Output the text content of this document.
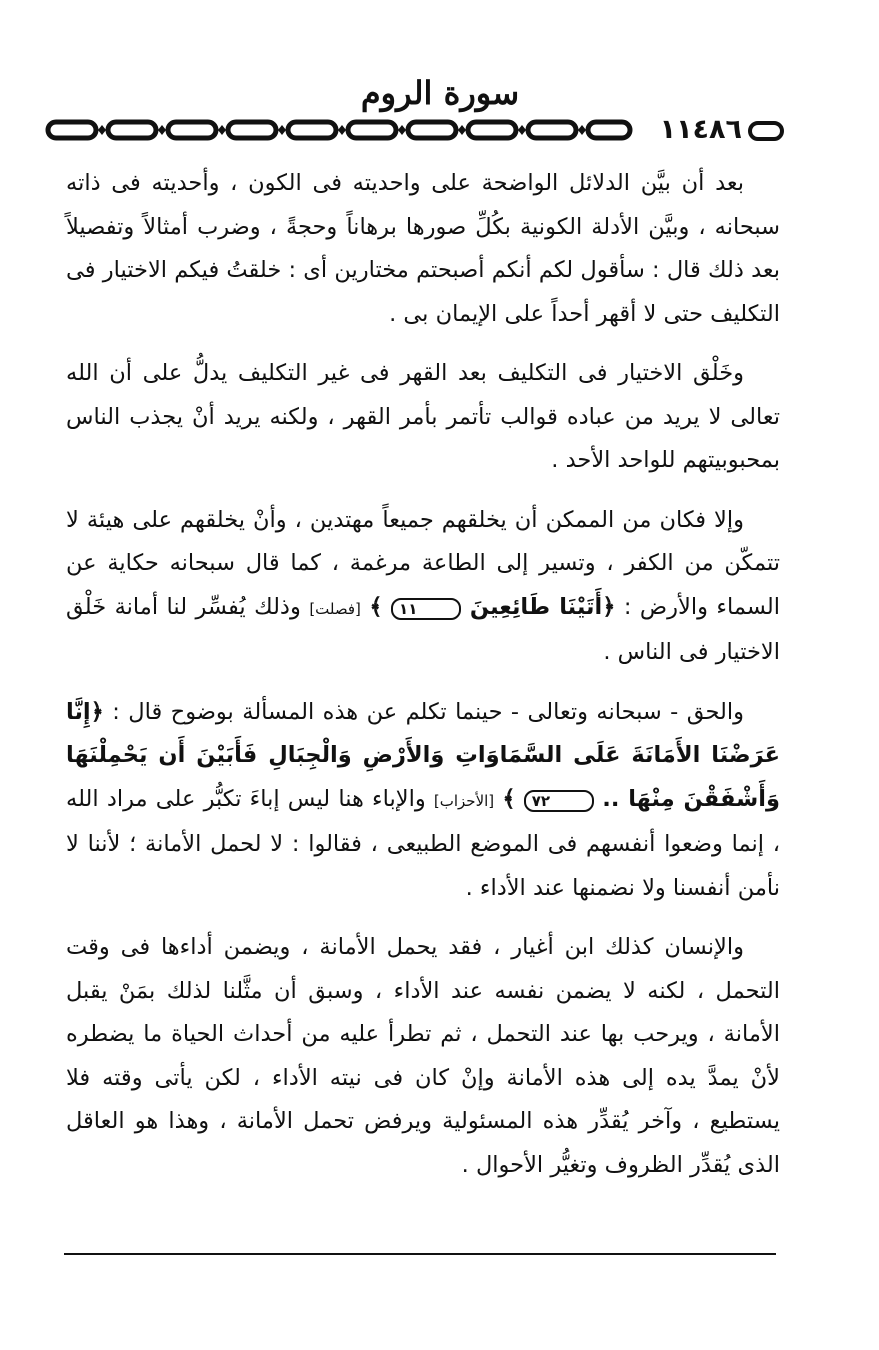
سورة الروم
١١٤٨٦

بعد أن بيَّن الدلائل الواضحة على واحديته فى الكون ، وأحديته فى ذاته سبحانه ، وبيَّن الأدلة الكونية بكُلِّ صورها برهاناً وحجةً ، وضرب أمثالاً وتفصيلاً بعد ذلك قال : سأقول لكم أنكم أصبحتم مختارين أى : خلقتُ فيكم الاختيار فى التكليف حتى لا أقهر أحداً على الإيمان بى .

وخَلْق الاختيار فى التكليف بعد القهر فى غير التكليف يدلُّ على أن الله تعالى لا يريد من عباده قوالب تأتمر بأمر القهر ، ولكنه يريد أنْ يجذب الناس بمحبوبيتهم للواحد الأحد .

وإلا فكان من الممكن أن يخلقهم جميعاً مهتدين ، وأنْ يخلقهم على هيئة لا تتمكّن من الكفر ، وتسير إلى الطاعة مرغمة ، كما قال سبحانه حكاية عن السماء والأرض : ﴿أَتَيْنَا طَائِعِينَ ١١ ﴾ [فصلت] وذلك يُفسِّر لنا أمانة خَلْق الاختيار فى الناس .

والحق - سبحانه وتعالى - حينما تكلم عن هذه المسألة بوضوح قال : ﴿إِنَّا عَرَضْنَا الأَمَانَةَ عَلَى السَّمَاوَاتِ وَالأَرْضِ وَالْجِبَالِ فَأَبَيْنَ أَن يَحْمِلْنَهَا وَأَشْفَقْنَ مِنْهَا .. ٧٢ ﴾ [الأحزاب] والإباء هنا ليس إباءَ تكبُّر على مراد الله ، إنما وضعوا أنفسهم فى الموضع الطبيعى ، فقالوا : لا لحمل الأمانة ؛ لأننا لا نأمن أنفسنا ولا نضمنها عند الأداء .

والإنسان كذلك ابن أغيار ، فقد يحمل الأمانة ، ويضمن أداءها فى وقت التحمل ، لكنه لا يضمن نفسه عند الأداء ، وسبق أن مثَّلنا لذلك بمَنْ يقبل الأمانة ، ويرحب بها عند التحمل ، ثم تطرأ عليه من أحداث الحياة ما يضطره لأنْ يمدَّ يده إلى هذه الأمانة وإنْ كان فى نيته الأداء ، لكن يأتى وقته فلا يستطيع ، وآخر يُقدِّر هذه المسئولية ويرفض تحمل الأمانة ، وهذا هو العاقل الذى يُقدِّر الظروف وتغيُّر الأحوال .
